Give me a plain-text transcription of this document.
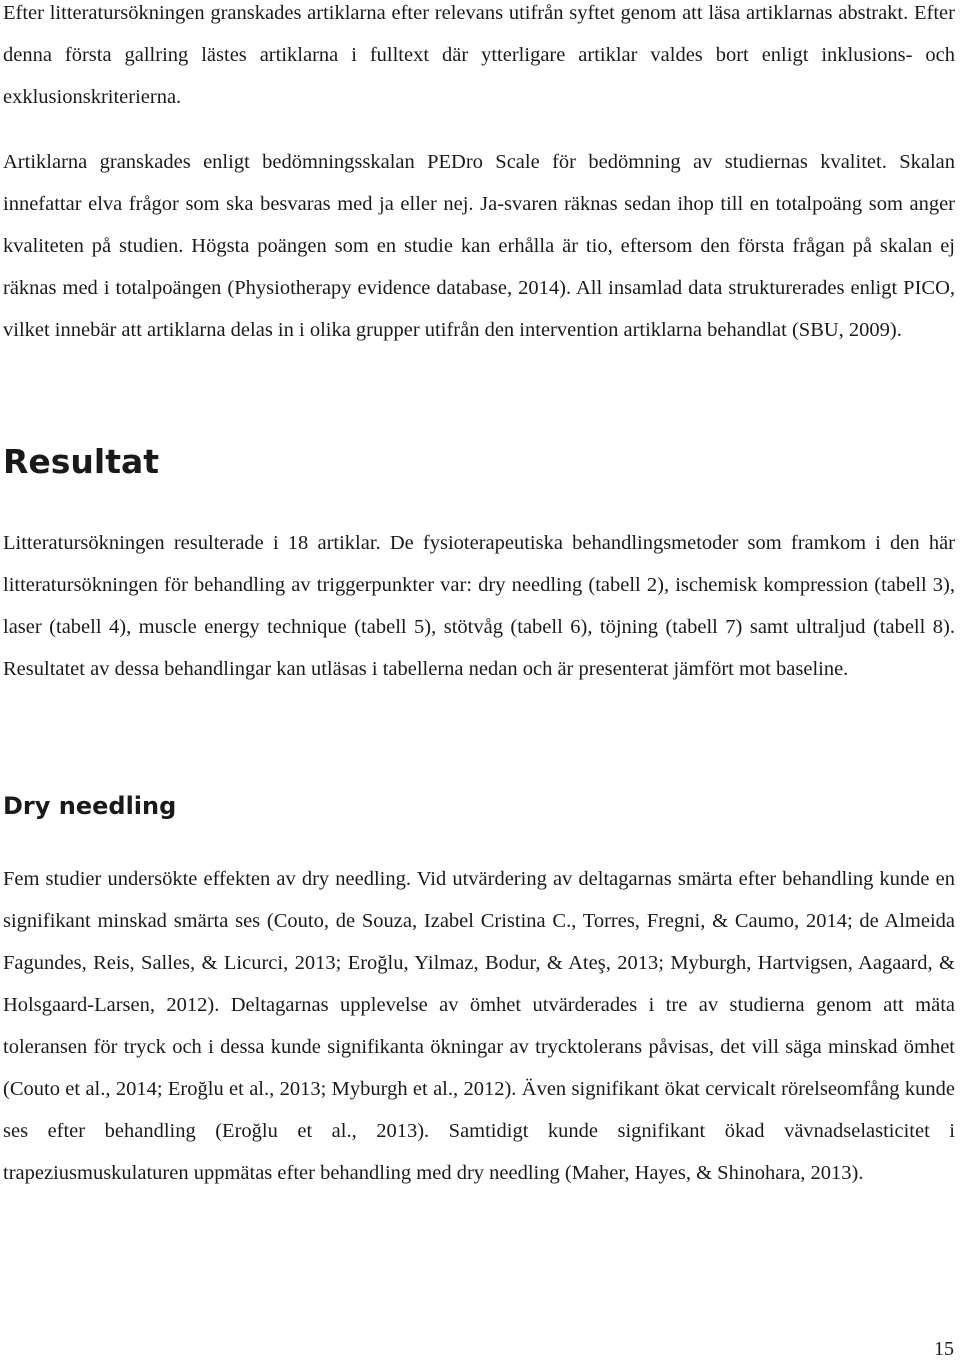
Efter litteratursökningen granskades artiklarna efter relevans utifrån syftet genom att läsa artiklarnas abstrakt. Efter denna första gallring lästes artiklarna i fulltext där ytterligare artiklar valdes bort enligt inklusions- och exklusionskriterierna.

Artiklarna granskades enligt bedömningsskalan PEDro Scale för bedömning av studiernas kvalitet. Skalan innefattar elva frågor som ska besvaras med ja eller nej. Ja-svaren räknas sedan ihop till en totalpoäng som anger kvaliteten på studien. Högsta poängen som en studie kan erhålla är tio, eftersom den första frågan på skalan ej räknas med i totalpoängen (Physiotherapy evidence database, 2014). All insamlad data strukturerades enligt PICO, vilket innebär att artiklarna delas in i olika grupper utifrån den intervention artiklarna behandlat (SBU, 2009).

Resultat

Litteratursökningen resulterade i 18 artiklar. De fysioterapeutiska behandlingsmetoder som framkom i den här litteratursökningen för behandling av triggerpunkter var: dry needling (tabell 2), ischemisk kompression (tabell 3), laser (tabell 4), muscle energy technique (tabell 5), stötvåg (tabell 6), töjning (tabell 7) samt ultraljud (tabell 8). Resultatet av dessa behandlingar kan utläsas i tabellerna nedan och är presenterat jämfört mot baseline.

Dry needling

Fem studier undersökte effekten av dry needling. Vid utvärdering av deltagarnas smärta efter behandling kunde en signifikant minskad smärta ses (Couto, de Souza, Izabel Cristina C., Torres, Fregni, & Caumo, 2014; de Almeida Fagundes, Reis, Salles, & Licurci, 2013; Eroğlu, Yilmaz, Bodur, & Ateş, 2013; Myburgh, Hartvigsen, Aagaard, & Holsgaard-Larsen, 2012). Deltagarnas upplevelse av ömhet utvärderades i tre av studierna genom att mäta toleransen för tryck och i dessa kunde signifikanta ökningar av trycktolerans påvisas, det vill säga minskad ömhet (Couto et al., 2014; Eroğlu et al., 2013; Myburgh et al., 2012). Även signifikant ökat cervicalt rörelseomfång kunde ses efter behandling (Eroğlu et al., 2013). Samtidigt kunde signifikant ökad vävnadselasticitet i trapeziusmuskulaturen uppmätas efter behandling med dry needling (Maher, Hayes, & Shinohara, 2013).

15
